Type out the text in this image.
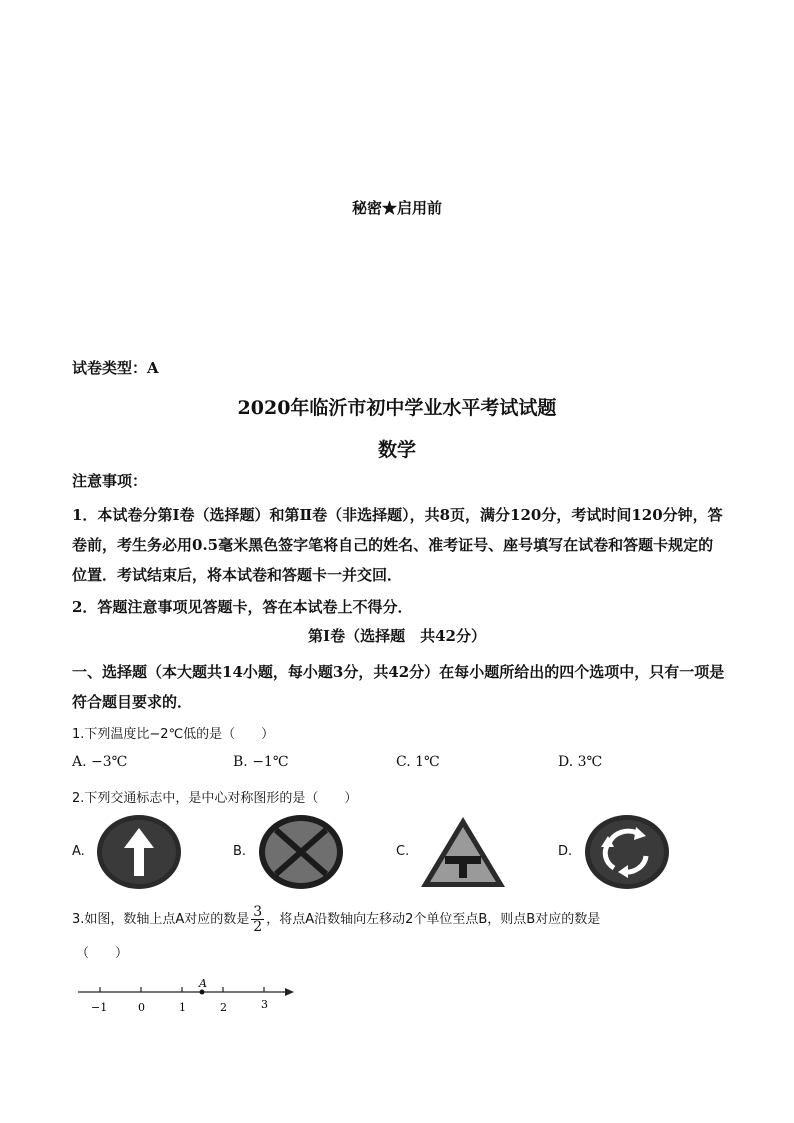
秘密★启用前
试卷类型：A
2020年临沂市初中学业水平考试试题
数学
注意事项：
1．本试卷分第Ⅰ卷（选择题）和第Ⅱ卷（非选择题），共8页，满分120分，考试时间120分钟，答卷前，考生务必用0.5毫米黑色签字笔将自己的姓名、准考证号、座号填写在试卷和答题卡规定的位置．考试结束后，将本试卷和答题卡一并交回．
2．答题注意事项见答题卡，答在本试卷上不得分．
第Ⅰ卷（选择题　共42分）
一、选择题（本大题共14小题，每小题3分，共42分）在每小题所给出的四个选项中，只有一项是符合题目要求的．
1.下列温度比−2℃低的是（　　）
A. −3℃	B. −1℃	C. 1℃	D. 3℃
2.下列交通标志中，是中心对称图形的是（　　）
A.	B.	C.	D.
3.如图，数轴上点A对应的数是 $\frac{3}{2}$ ，将点A沿数轴向左移动2个单位至点B，则点B对应的数是
（　　）
A
−1	0	1	2	3
